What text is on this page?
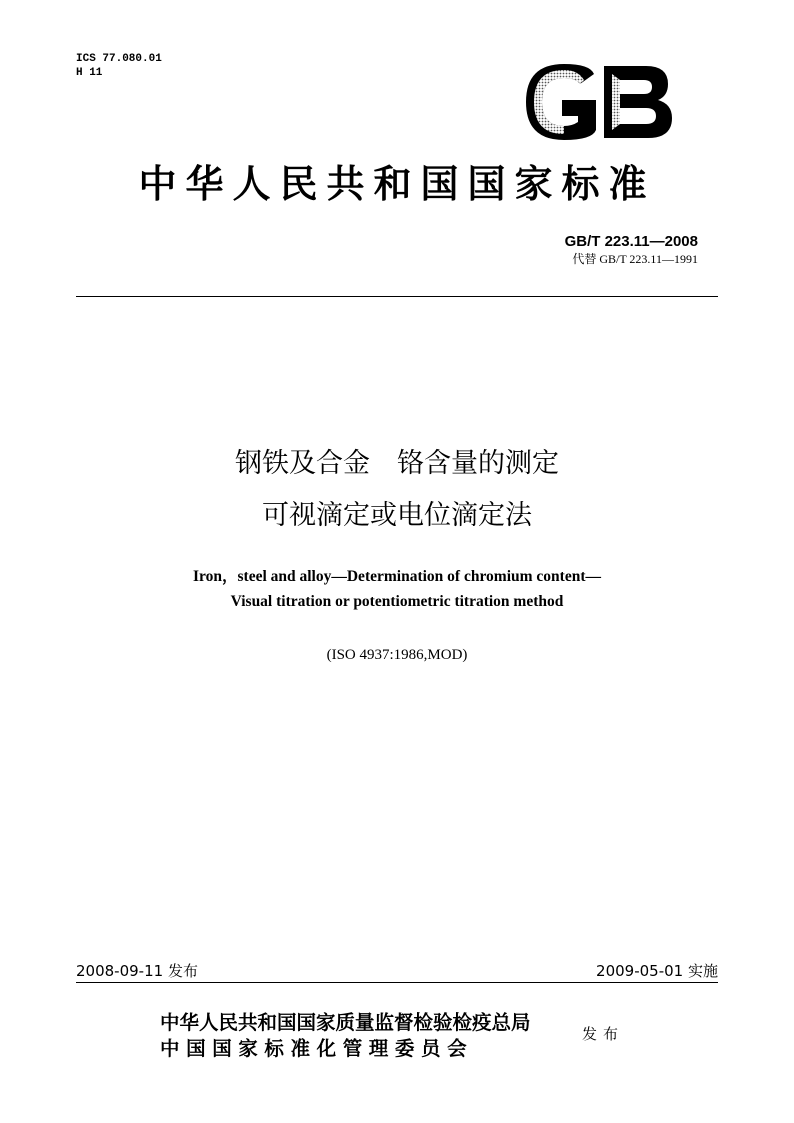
ICS 77.080.01
H 11
中华人民共和国国家标准
GB/T 223.11—2008
代替 GB/T 223.11—1991
钢铁及合金　铬含量的测定
可视滴定或电位滴定法
Iron，steel and alloy—Determination of chromium content—
Visual titration or potentiometric titration method
(ISO 4937:1986,MOD)
2008-09-11 发布	2009-05-01 实施
中华人民共和国国家质量监督检验检疫总局
中国国家标准化管理委员会
发布
